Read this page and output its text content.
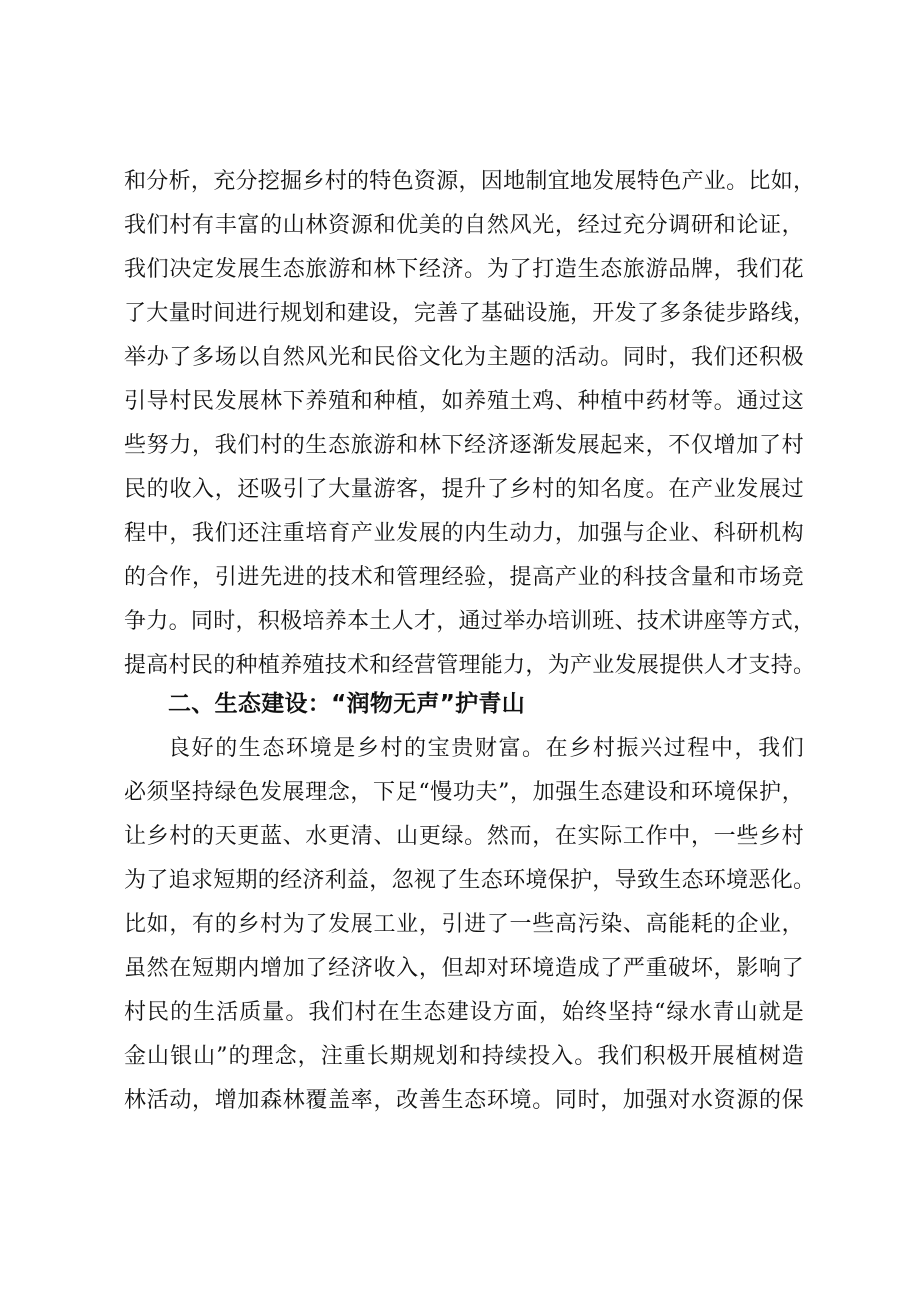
和分析，充分挖掘乡村的特色资源，因地制宜地发展特色产业。比如，
我们村有丰富的山林资源和优美的自然风光，经过充分调研和论证，
我们决定发展生态旅游和林下经济。为了打造生态旅游品牌，我们花
了大量时间进行规划和建设，完善了基础设施，开发了多条徒步路线，
举办了多场以自然风光和民俗文化为主题的活动。同时，我们还积极
引导村民发展林下养殖和种植，如养殖土鸡、种植中药材等。通过这
些努力，我们村的生态旅游和林下经济逐渐发展起来，不仅增加了村
民的收入，还吸引了大量游客，提升了乡村的知名度。在产业发展过
程中，我们还注重培育产业发展的内生动力，加强与企业、科研机构
的合作，引进先进的技术和管理经验，提高产业的科技含量和市场竞
争力。同时，积极培养本土人才，通过举办培训班、技术讲座等方式，
提高村民的种植养殖技术和经营管理能力，为产业发展提供人才支持。
二、生态建设：“润物无声”护青山
良好的生态环境是乡村的宝贵财富。在乡村振兴过程中，我们
必须坚持绿色发展理念，下足“慢功夫”，加强生态建设和环境保护，
让乡村的天更蓝、水更清、山更绿。然而，在实际工作中，一些乡村
为了追求短期的经济利益，忽视了生态环境保护，导致生态环境恶化。
比如，有的乡村为了发展工业，引进了一些高污染、高能耗的企业，
虽然在短期内增加了经济收入，但却对环境造成了严重破坏，影响了
村民的生活质量。我们村在生态建设方面，始终坚持“绿水青山就是
金山银山”的理念，注重长期规划和持续投入。我们积极开展植树造
林活动，增加森林覆盖率，改善生态环境。同时，加强对水资源的保
